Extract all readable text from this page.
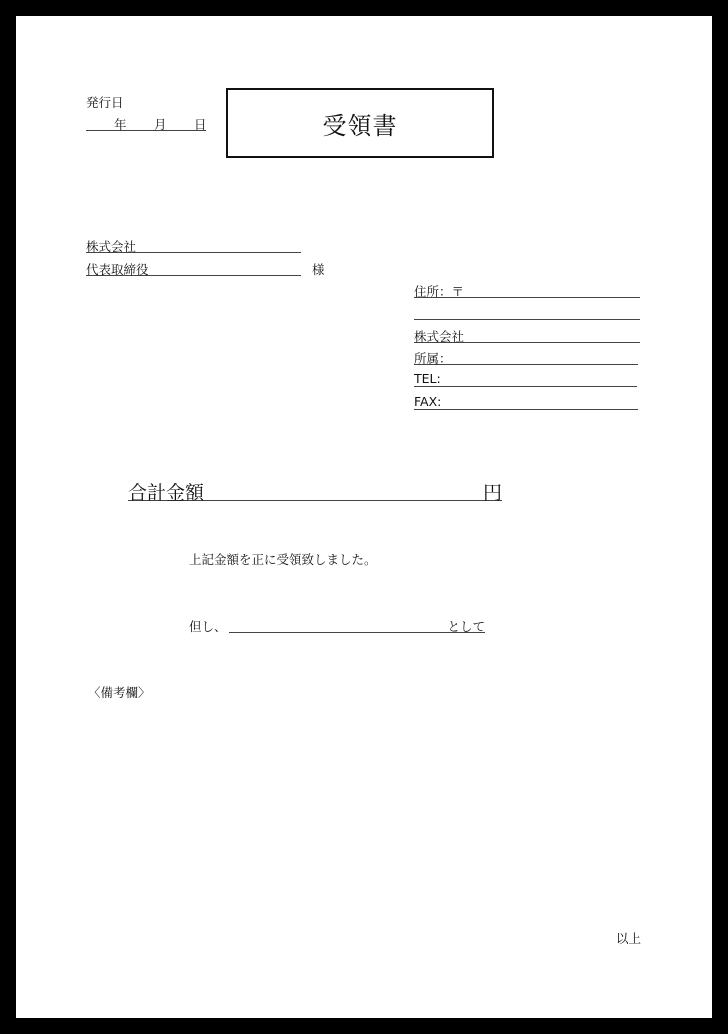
発行日
年 月 日	受領書
株式会社
代表取締役	様
住所：〒
株式会社
所属：
TEL:
FAX:
合計金額	円
上記金額を正に受領致しました。
但し、	として
〈備考欄〉
以上
